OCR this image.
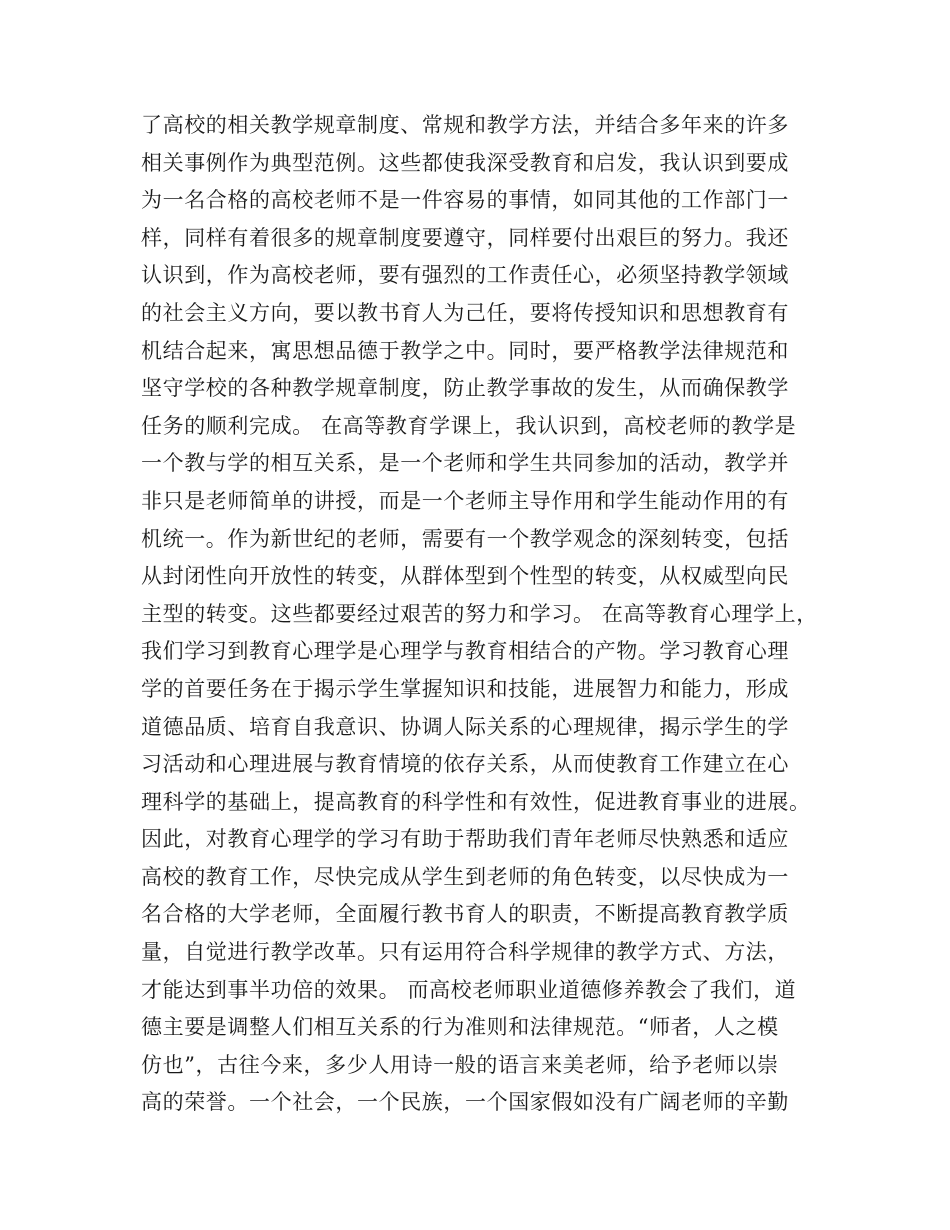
了高校的相关教学规章制度、常规和教学方法，并结合多年来的许多
相关事例作为典型范例。这些都使我深受教育和启发，我认识到要成
为一名合格的高校老师不是一件容易的事情，如同其他的工作部门一
样，同样有着很多的规章制度要遵守，同样要付出艰巨的努力。我还
认识到，作为高校老师，要有强烈的工作责任心，必须坚持教学领域
的社会主义方向，要以教书育人为己任，要将传授知识和思想教育有
机结合起来，寓思想品德于教学之中。同时，要严格教学法律规范和
坚守学校的各种教学规章制度，防止教学事故的发生，从而确保教学
任务的顺利完成。 在高等教育学课上，我认识到，高校老师的教学是
一个教与学的相互关系，是一个老师和学生共同参加的活动，教学并
非只是老师简单的讲授，而是一个老师主导作用和学生能动作用的有
机统一。作为新世纪的老师，需要有一个教学观念的深刻转变，包括
从封闭性向开放性的转变，从群体型到个性型的转变，从权威型向民
主型的转变。这些都要经过艰苦的努力和学习。 在高等教育心理学上，
我们学习到教育心理学是心理学与教育相结合的产物。学习教育心理
学的首要任务在于揭示学生掌握知识和技能，进展智力和能力，形成
道德品质、培育自我意识、协调人际关系的心理规律，揭示学生的学
习活动和心理进展与教育情境的依存关系，从而使教育工作建立在心
理科学的基础上，提高教育的科学性和有效性，促进教育事业的进展。
因此，对教育心理学的学习有助于帮助我们青年老师尽快熟悉和适应
高校的教育工作，尽快完成从学生到老师的角色转变，以尽快成为一
名合格的大学老师，全面履行教书育人的职责，不断提高教育教学质
量，自觉进行教学改革。只有运用符合科学规律的教学方式、方法，
才能达到事半功倍的效果。 而高校老师职业道德修养教会了我们，道
德主要是调整人们相互关系的行为准则和法律规范。“师者，人之模
仿也”，古往今来，多少人用诗一般的语言来美老师，给予老师以崇
高的荣誉。一个社会，一个民族，一个国家假如没有广阔老师的辛勤
